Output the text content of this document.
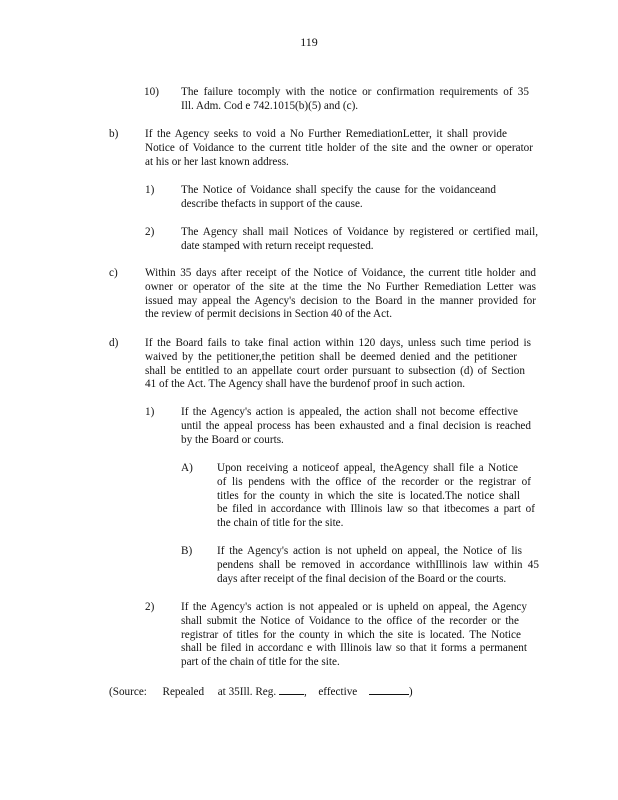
119
10) The failure tocomply with the notice or confirmation requirements of 35
Ill. Adm. Cod e 742.1015(b)(5) and (c).
b) If the Agency seeks to void a No Further RemediationLetter, it shall provide
Notice of Voidance to the current title holder of the site and the owner or operator
at his or her last known address.
1) The Notice of Voidance shall specify the cause for the voidanceand
describe thefacts in support of the cause.
2) The Agency shall mail Notices of Voidance by registered or certified mail,
date stamped with return receipt requested.
c) Within 35 days after receipt of the Notice of Voidance, the current title holder and
owner or operator of the site at the time the No Further Remediation Letter was
issued may appeal the Agency's decision to the Board in the manner provided for
the review of permit decisions in Section 40 of the Act.
d) If the Board fails to take final action within 120 days, unless such time period is
waived by the petitioner,the petition shall be deemed denied and the petitioner
shall be entitled to an appellate court order pursuant to subsection (d) of Section
41 of the Act. The Agency shall have the burdenof proof in such action.
1) If the Agency's action is appealed, the action shall not become effective
until the appeal process has been exhausted and a final decision is reached
by the Board or courts.
A) Upon receiving a noticeof appeal, theAgency shall file a Notice
of lis pendens with the office of the recorder or the registrar of
titles for the county in which the site is located.The notice shall
be filed in accordance with Illinois law so that itbecomes a part of
the chain of title for the site.
B) If the Agency's action is not upheld on appeal, the Notice of lis
pendens shall be removed in accordance withIllinois law within 45
days after receipt of the final decision of the Board or the courts.
2) If the Agency's action is not appealed or is upheld on appeal, the Agency
shall submit the Notice of Voidance to the office of the recorder or the
registrar of titles for the county in which the site is located. The Notice
shall be filed in accordanc e with Illinois law so that it forms a permanent
part of the chain of title for the site.
(Source: Repealed at 35Ill. Reg. , effective	)
